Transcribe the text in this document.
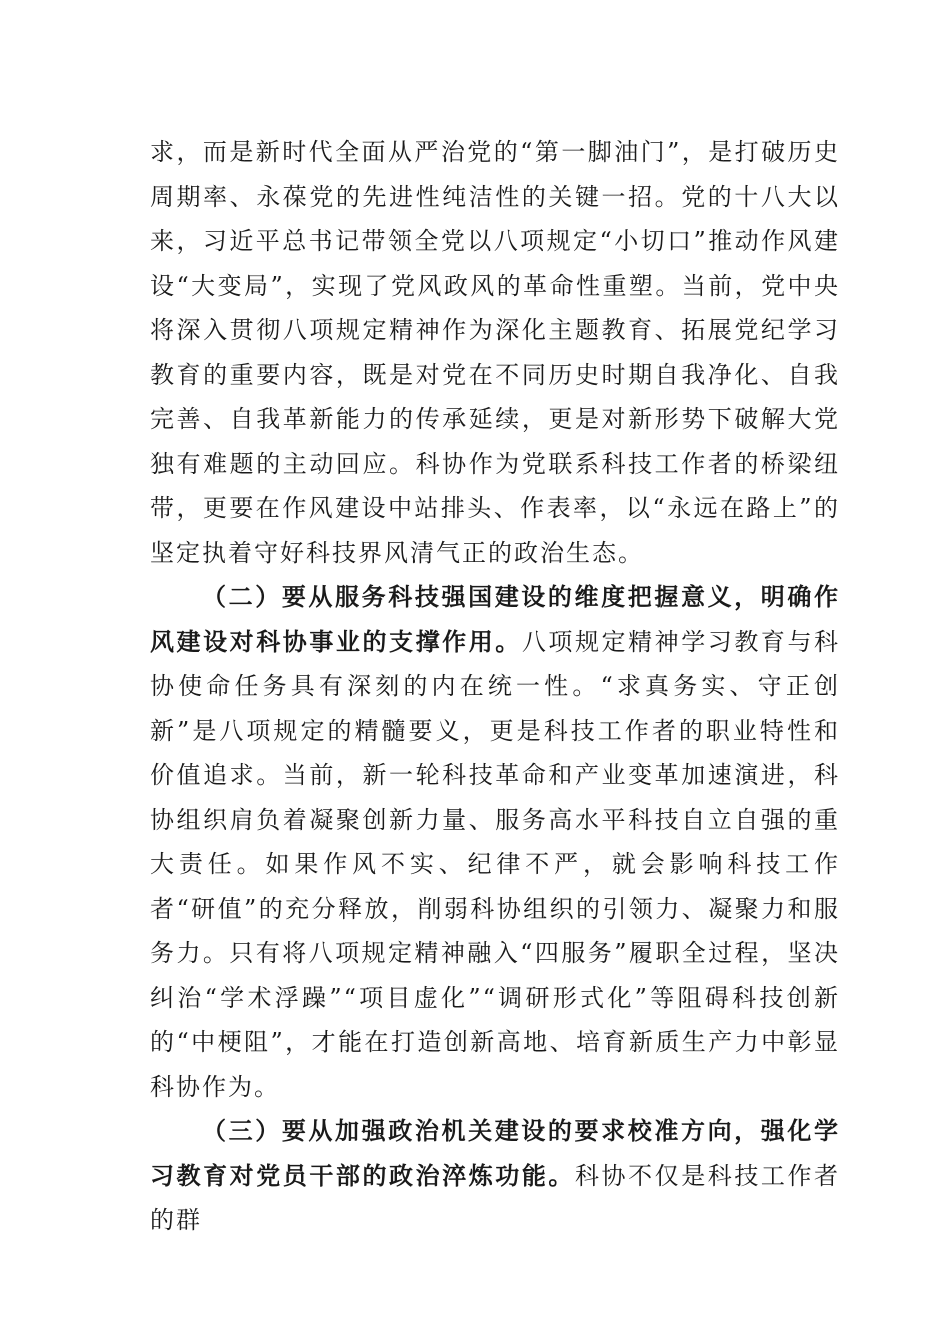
求，而是新时代全面从严治党的“第一脚油门”，是打破历史周期率、永葆党的先进性纯洁性的关键一招。党的十八大以来，习近平总书记带领全党以八项规定“小切口”推动作风建设“大变局”，实现了党风政风的革命性重塑。当前，党中央将深入贯彻八项规定精神作为深化主题教育、拓展党纪学习教育的重要内容，既是对党在不同历史时期自我净化、自我完善、自我革新能力的传承延续，更是对新形势下破解大党独有难题的主动回应。科协作为党联系科技工作者的桥梁纽带，更要在作风建设中站排头、作表率，以“永远在路上”的坚定执着守好科技界风清气正的政治生态。

（二）要从服务科技强国建设的维度把握意义，明确作风建设对科协事业的支撑作用。八项规定精神学习教育与科协使命任务具有深刻的内在统一性。“求真务实、守正创新”是八项规定的精髓要义，更是科技工作者的职业特性和价值追求。当前，新一轮科技革命和产业变革加速演进，科协组织肩负着凝聚创新力量、服务高水平科技自立自强的重大责任。如果作风不实、纪律不严，就会影响科技工作者“研值”的充分释放，削弱科协组织的引领力、凝聚力和服务力。只有将八项规定精神融入“四服务”履职全过程，坚决纠治“学术浮躁”“项目虚化”“调研形式化”等阻碍科技创新的“中梗阻”，才能在打造创新高地、培育新质生产力中彰显科协作为。

（三）要从加强政治机关建设的要求校准方向，强化学习教育对党员干部的政治淬炼功能。科协不仅是科技工作者的群
